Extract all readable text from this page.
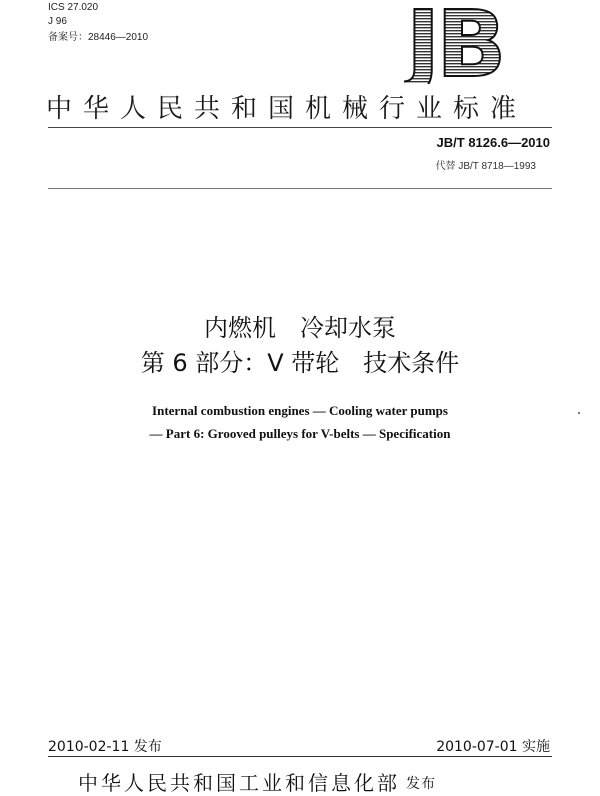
ICS 27.020
J 96
备案号：28446—2010	JB
中华人民共和国机械行业标准
JB/T 8126.6—2010
代替 JB/T 8718—1993
内燃机　冷却水泵
第 6 部分：V 带轮　技术条件
Internal combustion engines — Cooling water pumps
— Part 6: Grooved pulleys for V-belts — Specification
2010-02-11 发布	2010-07-01 实施
中华人民共和国工业和信息化部 发布
